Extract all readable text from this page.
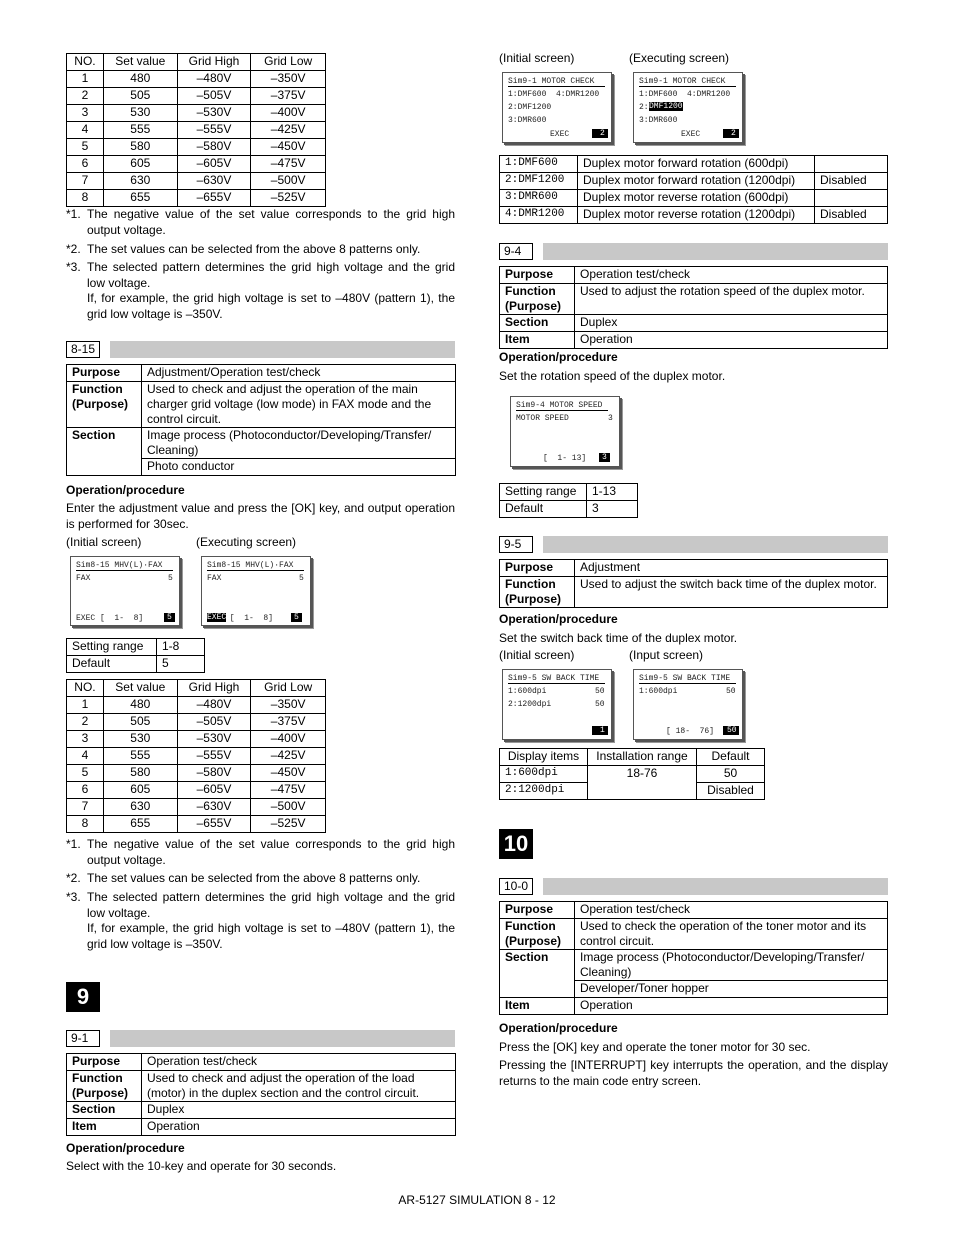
NO.	Set value	Grid High	Grid Low
1	480	–480V	–350V
2	505	–505V	–375V
3	530	–530V	–400V
4	555	–555V	–425V
5	580	–580V	–450V
6	605	–605V	–475V
7	630	–630V	–500V
8	655	–655V	–525V
*1. The negative value of the set value corresponds to the grid high output voltage.
*2. The set values can be selected from the above 8 patterns only.
*3. The selected pattern determines the grid high voltage and the grid low voltage.
If, for example, the grid high voltage is set to –480V (pattern 1), the grid low voltage is –350V.
8-15
Purpose	Adjustment/Operation test/check
Function
(Purpose)	Used to check and adjust the operation of the main charger grid voltage (low mode) in FAX mode and the control circuit.
Section	Image process (Photoconductor/Developing/Transfer/ Cleaning)
	Photo conductor
Operation/procedure
Enter the adjustment value and press the [OK] key, and output operation is performed for 30sec.
(Initial screen)	(Executing screen)
Sim8-15 MHV(L)·FAX
FAX	5
EXEC [  1-  8]	5
Sim8-15 MHV(L)·FAX
FAX	5
EXEC
[  1-  8]	5
Setting range	1-8
Default	5
NO.	Set value	Grid High	Grid Low
1	480	–480V	–350V
2	505	–505V	–375V
3	530	–530V	–400V
4	555	–555V	–425V
5	580	–580V	–450V
6	605	–605V	–475V
7	630	–630V	–500V
8	655	–655V	–525V
*1. The negative value of the set value corresponds to the grid high output voltage.
*2. The set values can be selected from the above 8 patterns only.
*3. The selected pattern determines the grid high voltage and the grid low voltage.
If, for example, the grid high voltage is set to –480V (pattern 1), the grid low voltage is –350V.
9
9-1
Purpose	Operation test/check
Function
(Purpose)	Used to check and adjust the operation of the load (motor) in the duplex section and the control circuit.
Section	Duplex
Item	Operation
Operation/procedure
Select with the 10-key and operate for 30 seconds.
(Initial screen)	(Executing screen)
Sim9-1 MOTOR CHECK
1:DMF600  4:DMR1200
2:DMF1200
3:DMR600
EXEC	2
Sim9-1 MOTOR CHECK
1:DMF600  4:DMR1200
2: DMF1200
3:DMR600
EXEC	2
1:DMF600	Duplex motor forward rotation (600dpi)	
2:DMF1200	Duplex motor forward rotation (1200dpi)	Disabled
3:DMR600	Duplex motor reverse rotation (600dpi)	
4:DMR1200	Duplex motor reverse rotation (1200dpi)	Disabled
9-4
Purpose	Operation test/check
Function
(Purpose)	Used to adjust the rotation speed of the duplex motor.
Section	Duplex
Item	Operation
Operation/procedure
Set the rotation speed of the duplex motor.
Sim9-4 MOTOR SPEED
MOTOR SPEED	3
[  1- 13]	3
Setting range	1-13
Default	3
9-5
Purpose	Adjustment
Function
(Purpose)	Used to adjust the switch back time of the duplex motor.
Operation/procedure
Set the switch back time of the duplex motor.
(Initial screen)	(Input screen)
Sim9-5 SW BACK TIME
1:600dpi	50
2:1200dpi	50
1
Sim9-5 SW BACK TIME
1:600dpi	50
[ 18-  76]	50
Display items	Installation range	Default
1:600dpi	18-76	50
2:1200dpi		Disabled
10
10-0
Purpose	Operation test/check
Function
(Purpose)	Used to check the operation of the toner motor and its control circuit.
Section	Image process (Photoconductor/Developing/Transfer/ Cleaning)
	Developer/Toner hopper
Item	Operation
Operation/procedure
Press the [OK] key and operate the toner motor for 30 sec.
Pressing the [INTERRUPT] key interrupts the operation, and the display returns to the main code entry screen.
AR-5127 SIMULATION 8 - 12
